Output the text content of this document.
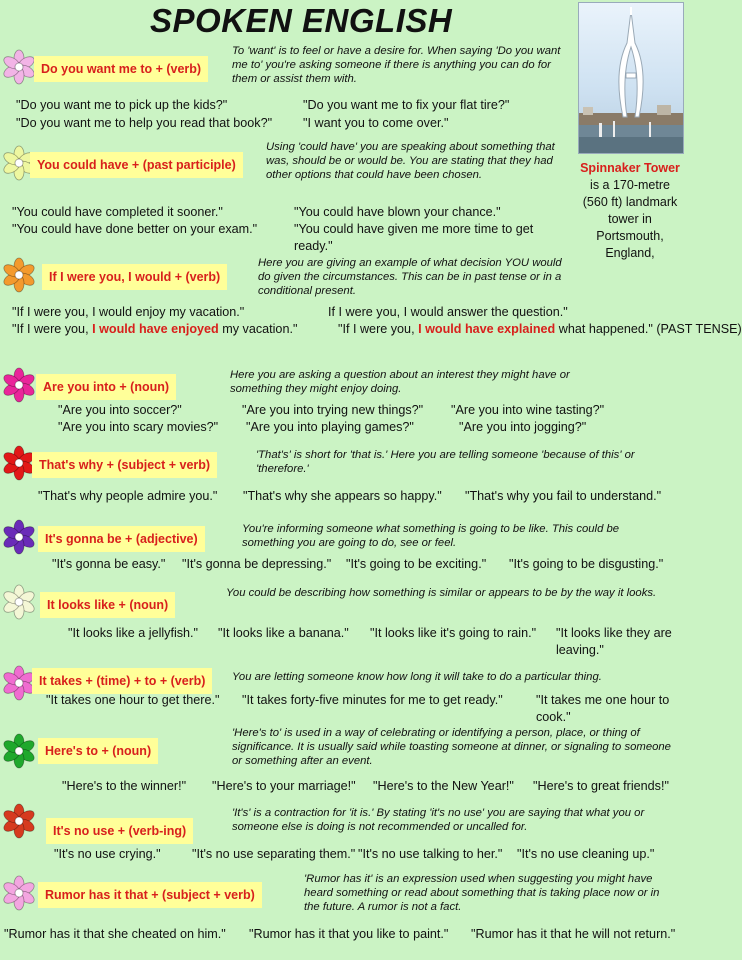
SPOKEN ENGLISH
Spinnaker Tower is a 170-metre (560 ft) landmark tower in Portsmouth, England,
Do you want me to + (verb)
To 'want' is to feel or have a desire for. When saying 'Do you want me to' you're asking someone if there is anything you can do for them or assist them with.
"Do you want me to pick up the kids?"	"Do you want me to fix your flat tire?"
"Do you want me to help you read that book?" "I want you to come over."
You could have + (past participle)
Using 'could have' you are speaking about something that was, should be or would be. You are stating that they had other options that could have been chosen.
"You could have completed it sooner."	"You could have blown your chance."
"You could have done better on your exam."	"You could have given me more time to get ready."
If I were you, I would + (verb)
Here you are giving an example of what decision YOU would do given the circumstances. This can be in past tense or in a conditional present.
"If I were you, I would enjoy my vacation."	If I were you, I would answer the question."
"If I were you, I would have enjoyed my vacation."	"If I were you, I would have explained what happened." (PAST TENSE)
Are you into + (noun)
Here you are asking a question about an interest they might have or something they might enjoy doing.
"Are you into soccer?"	"Are you into trying new things?" "Are you into wine tasting?"
"Are you into scary movies?" "Are you into playing games?"	"Are you into jogging?"
That's why + (subject + verb)
'That's' is short for 'that is.' Here you are telling someone 'because of this' or 'therefore.'
"That's why people admire you." "That's why she appears so happy." "That's why you fail to understand."
It's gonna be + (adjective)
You're informing someone what something is going to be like. This could be something you are going to do, see or feel.
"It's gonna be easy." "It's gonna be depressing." "It's going to be exciting." "It's going to be disgusting."
It looks like + (noun)
You could be describing how something is similar or appears to be by the way it looks.
"It looks like a jellyfish." "It looks like a banana." "It looks like it's going to rain." "It looks like they are leaving."
It takes + (time) + to + (verb)	You are letting someone know how long it will take to do a particular thing.
"It takes one hour to get there." "It takes forty-five minutes for me to get ready."	"It takes me one hour to cook."
Here's to + (noun)
'Here's to' is used in a way of celebrating or identifying a person, place, or thing of significance. It is usually said while toasting someone at dinner, or signaling to someone or something after an event.
"Here's to the winner!" "Here's to your marriage!" "Here's to the New Year!" "Here's to great friends!"
It's no use + (verb-ing)
'It's' is a contraction for 'it is.' By stating 'it's no use' you are saying that what you or someone else is doing is not recommended or uncalled for.
"It's no use crying." "It's no use separating them." "It's no use talking to her." "It's no use cleaning up."
Rumor has it that + (subject + verb)
'Rumor has it' is an expression used when suggesting you might have heard something or read about something that is taking place now or in the future. A rumor is not a fact.
"Rumor has it that she cheated on him." "Rumor has it that you like to paint." "Rumor has it that he will not return."
